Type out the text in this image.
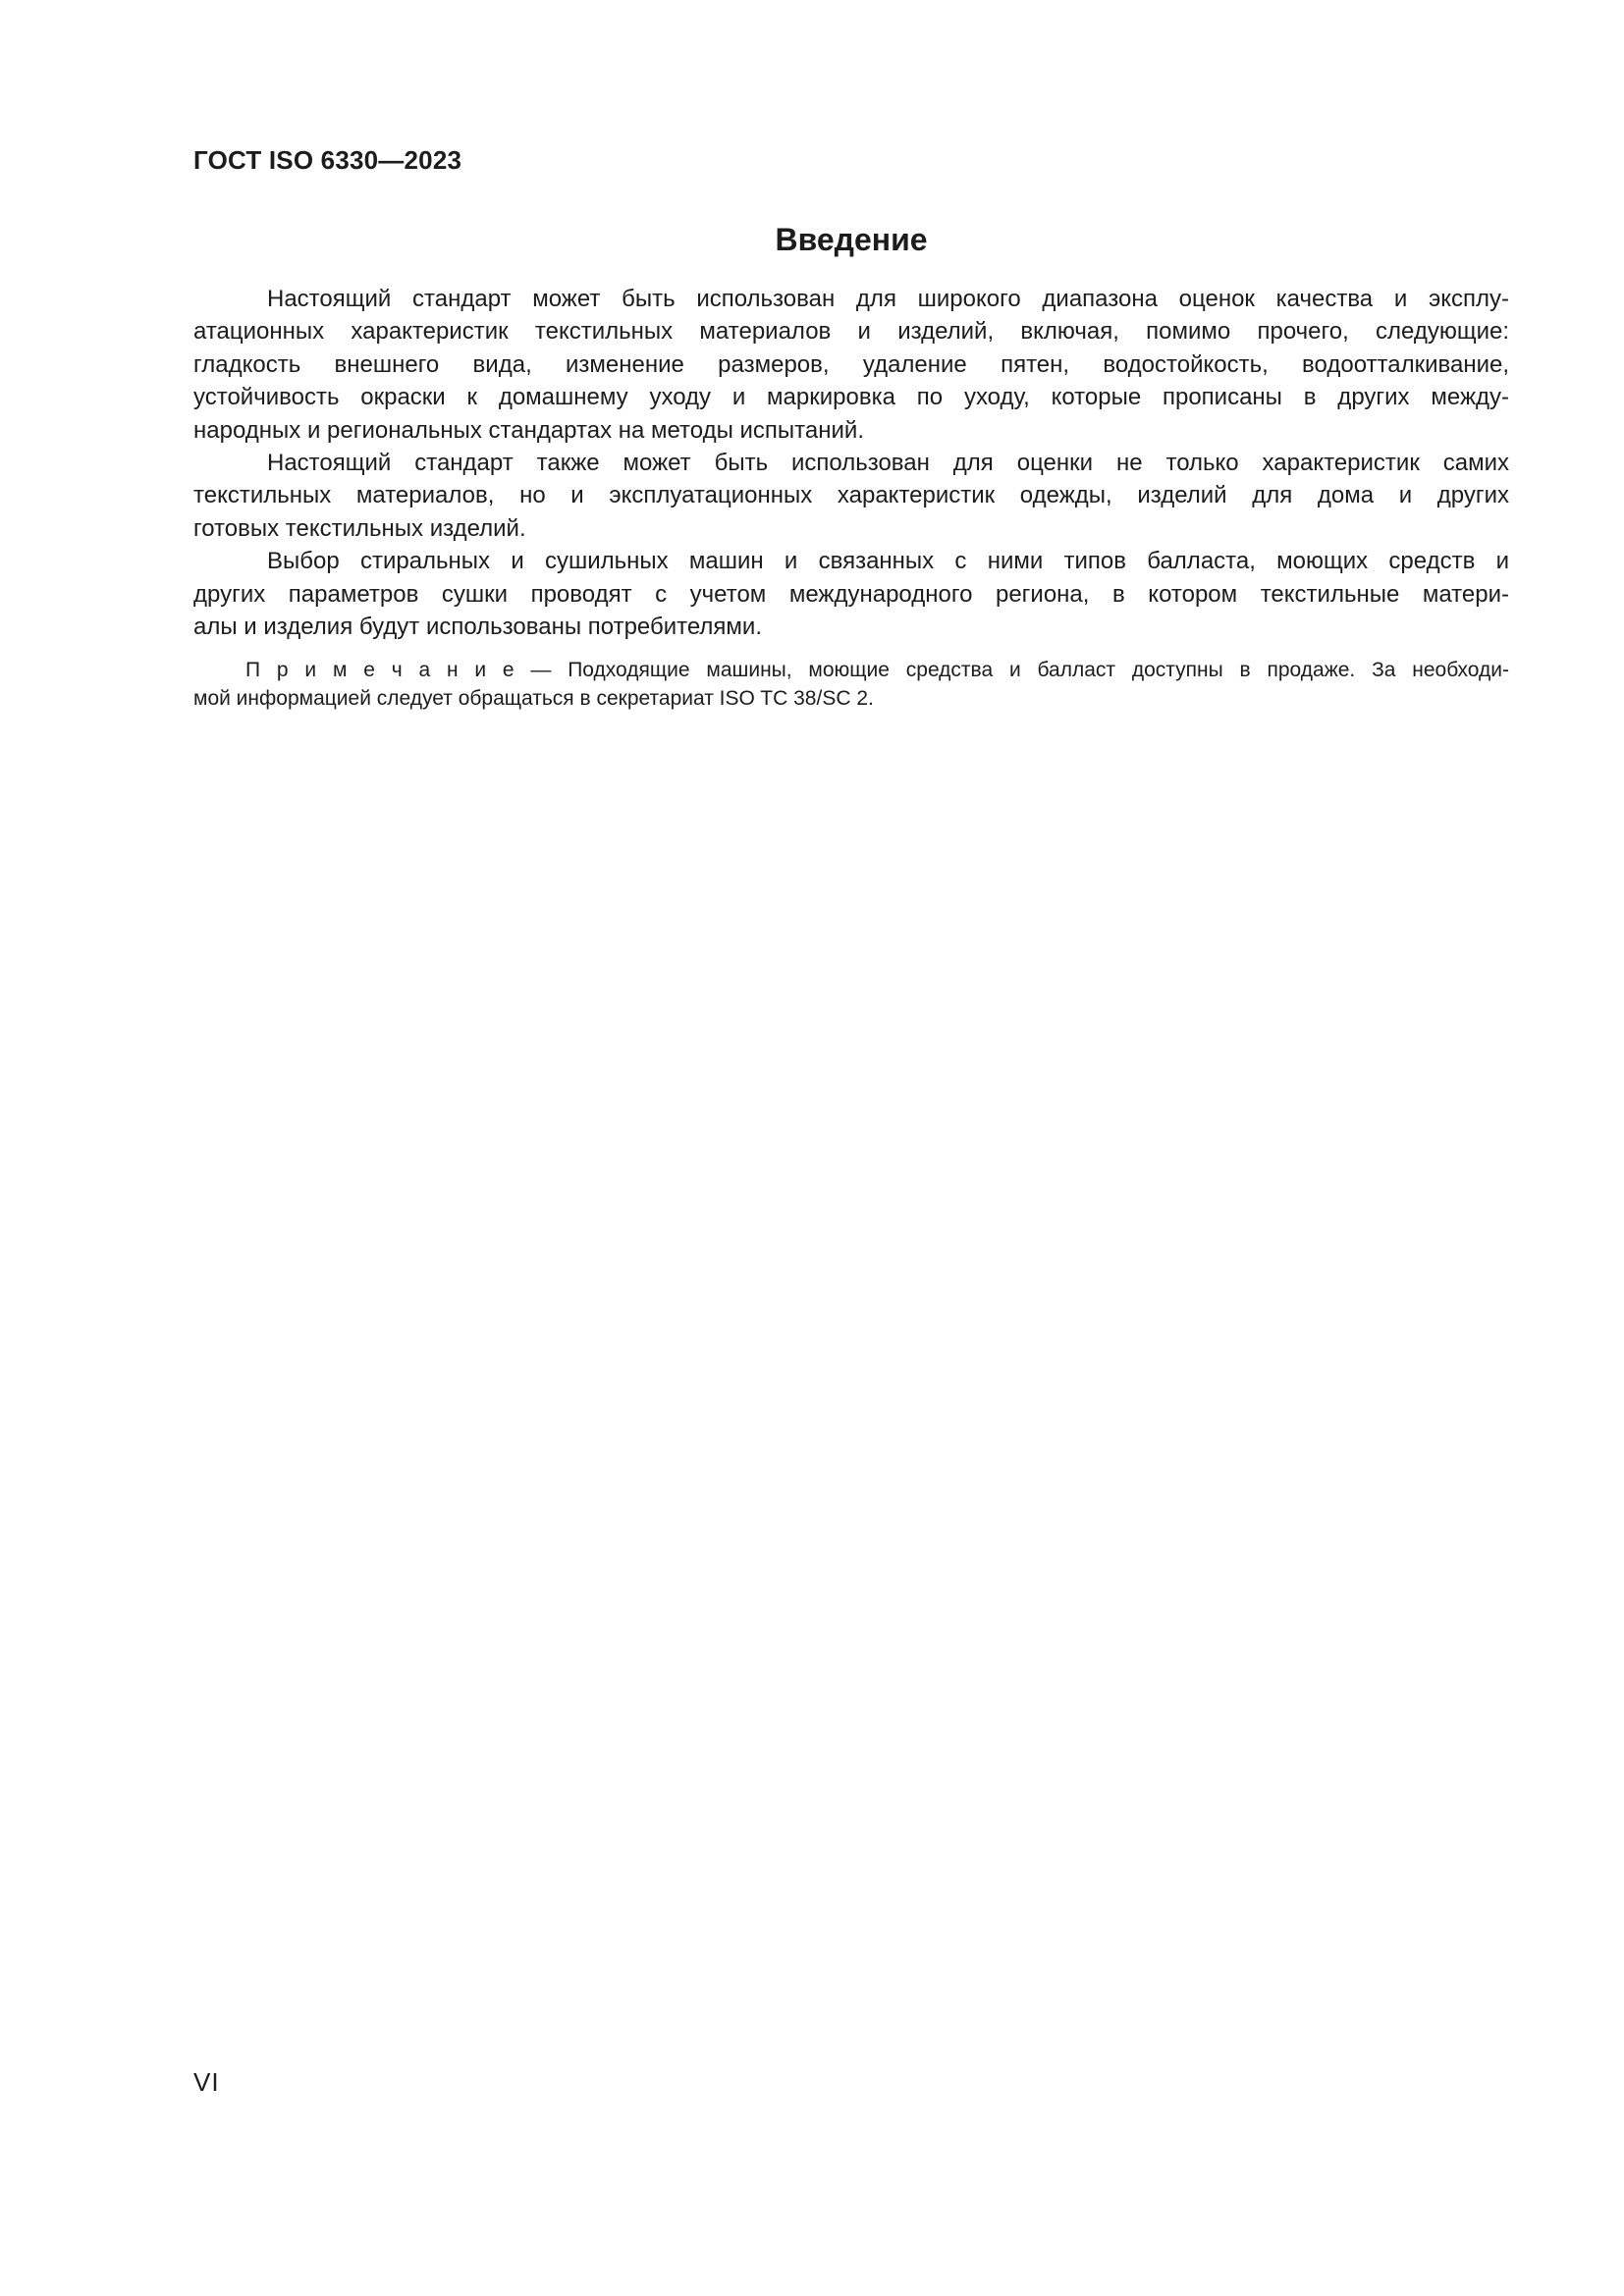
ГОСТ ISO 6330—2023
Введение
Настоящий стандарт может быть использован для широкого диапазона оценок качества и эксплу-
атационных характеристик текстильных материалов и изделий, включая, помимо прочего, следующие:
гладкость внешнего вида, изменение размеров, удаление пятен, водостойкость, водоотталкивание,
устойчивость окраски к домашнему уходу и маркировка по уходу, которые прописаны в других между-
народных и региональных стандартах на методы испытаний.
Настоящий стандарт также может быть использован для оценки не только характеристик самих
текстильных материалов, но и эксплуатационных характеристик одежды, изделий для дома и других
готовых текстильных изделий.
Выбор стиральных и сушильных машин и связанных с ними типов балласта, моющих средств и
других параметров сушки проводят с учетом международного региона, в котором текстильные матери-
алы и изделия будут использованы потребителями.
П р и м е ч а н и е — Подходящие машины, моющие средства и балласт доступны в продаже. За необходи-
мой информацией следует обращаться в секретариат ISO TC 38/SC 2.
VI
